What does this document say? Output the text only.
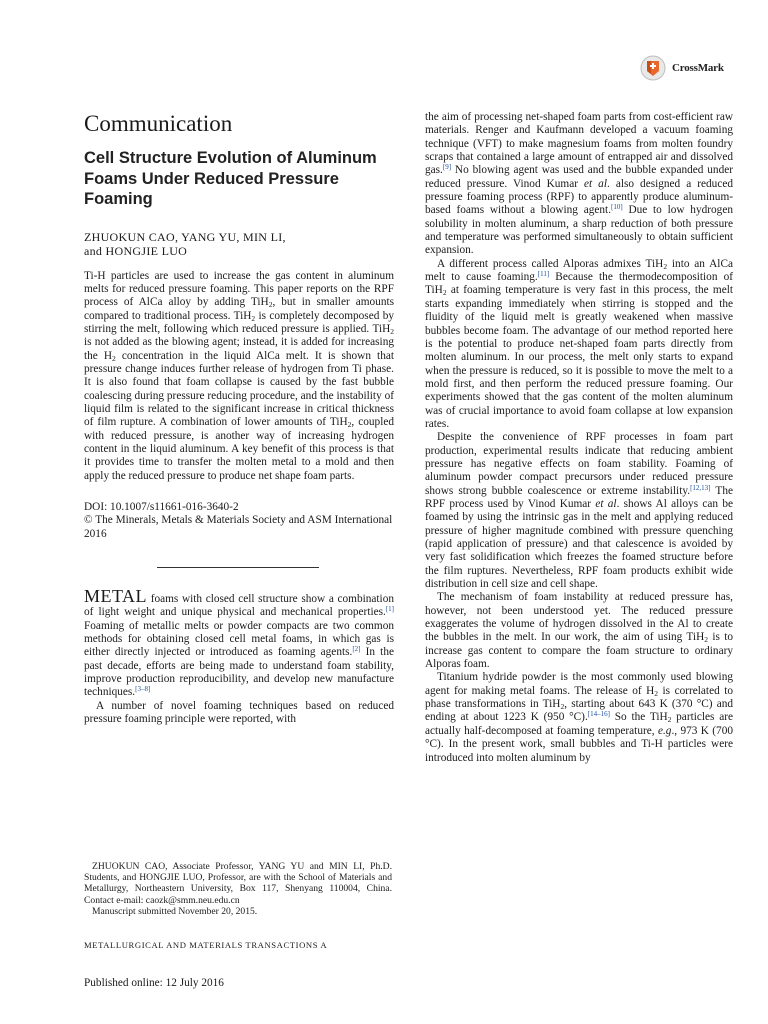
CrossMark
Communication
Cell Structure Evolution of Aluminum Foams Under Reduced Pressure Foaming
ZHUOKUN CAO, YANG YU, MIN LI,
and HONGJIE LUO

Ti-H particles are used to increase the gas content in aluminum melts for reduced pressure foaming. This paper reports on the RPF process of AlCa alloy by adding TiH$_2$, but in smaller amounts compared to traditional process. TiH$_2$ is completely decomposed by stirring the melt, following which reduced pressure is applied. TiH$_2$ is not added as the blowing agent; instead, it is added for increasing the $H_2$ concentration in the liquid AlCa melt. It is shown that pressure change induces further release of hydrogen from Ti phase. It is also found that foam collapse is caused by the fast bubble coalescing during pressure reducing procedure, and the instability of liquid film is related to the significant increase in critical thickness of film rupture. A combination of lower amounts of TiH$_2$, coupled with reduced pressure, is another way of increasing hydrogen content in the liquid aluminum. A key benefit of this process is that it provides time to transfer the molten metal to a mold and then apply the reduced pressure to produce net shape foam parts.

DOI: 10.1007/s11661-016-3640-2
© The Minerals, Metals & Materials Society and ASM International 2016

METAL foams with closed cell structure show a combination of light weight and unique physical and mechanical properties.[1] Foaming of metallic melts or powder compacts are two common methods for obtaining closed cell metal foams, in which gas is either directly injected or introduced as foaming agents.[2] In the past decade, efforts are being made to understand foam stability, improve production reproducibility, and develop new manufacture techniques.[3–8]

A number of novel foaming techniques based on reduced pressure foaming principle were reported, with

ZHUOKUN CAO, Associate Professor, YANG YU and MIN LI, Ph.D. Students, and HONGJIE LUO, Professor, are with the School of Materials and Metallurgy, Northeastern University, Box 117, Shenyang 110004, China. Contact e-mail: caozk@smm.neu.edu.cn
Manuscript submitted November 20, 2015.
METALLURGICAL AND MATERIALS TRANSACTIONS A
Published online: 12 July 2016

the aim of processing net-shaped foam parts from cost-efficient raw materials. Renger and Kaufmann developed a vacuum foaming technique (VFT) to make magnesium foams from molten foundry scraps that contained a large amount of entrapped air and dissolved gas.[9] No blowing agent was used and the bubble expanded under reduced pressure. Vinod Kumar et al. also designed a reduced pressure foaming process (RPF) to apparently produce aluminum-based foams without a blowing agent.[10] Due to low hydrogen solubility in molten aluminum, a sharp reduction of both pressure and temperature was performed simultaneously to obtain sufficient expansion.

A different process called Alporas admixes TiH$_2$ into an AlCa melt to cause foaming.[11] Because the thermodecomposition of TiH$_2$ at foaming temperature is very fast in this process, the melt starts expanding immediately when stirring is stopped and the fluidity of the liquid melt is greatly weakened when massive bubbles become foam. The advantage of our method reported here is the potential to produce net-shaped foam parts directly from molten aluminum. In our process, the melt only starts to expand when the pressure is reduced, so it is possible to move the melt to a mold first, and then perform the reduced pressure foaming. Our experiments showed that the gas content of the molten aluminum was of crucial importance to avoid foam collapse at low expansion rates.

Despite the convenience of RPF processes in foam part production, experimental results indicate that reducing ambient pressure has negative effects on foam stability. Foaming of aluminum powder compact precursors under reduced pressure shows strong bubble coalescence or extreme instability.[12,13] The RPF process used by Vinod Kumar et al. shows Al alloys can be foamed by using the intrinsic gas in the melt and applying reduced pressure of higher magnitude combined with pressure quenching (rapid application of pressure) and that calescence is avoided by very fast solidification which freezes the foamed structure before the film ruptures. Nevertheless, RPF foam products exhibit wide distribution in cell size and cell shape.

The mechanism of foam instability at reduced pressure has, however, not been understood yet. The reduced pressure exaggerates the volume of hydrogen dissolved in the Al to create the bubbles in the melt. In our work, the aim of using TiH$_2$ is to increase gas content to compare the foam structure to ordinary Alporas foam.

Titanium hydride powder is the most commonly used blowing agent for making metal foams. The release of $H_2$ is correlated to phase transformations in TiH$_2$, starting about 643 K (370 °C) and ending at about 1223 K (950 °C).[14–16] So the TiH$_2$ particles are actually half-decomposed at foaming temperature, e.g., 973 K (700 °C). In the present work, small bubbles and Ti-H particles were introduced into molten aluminum by
